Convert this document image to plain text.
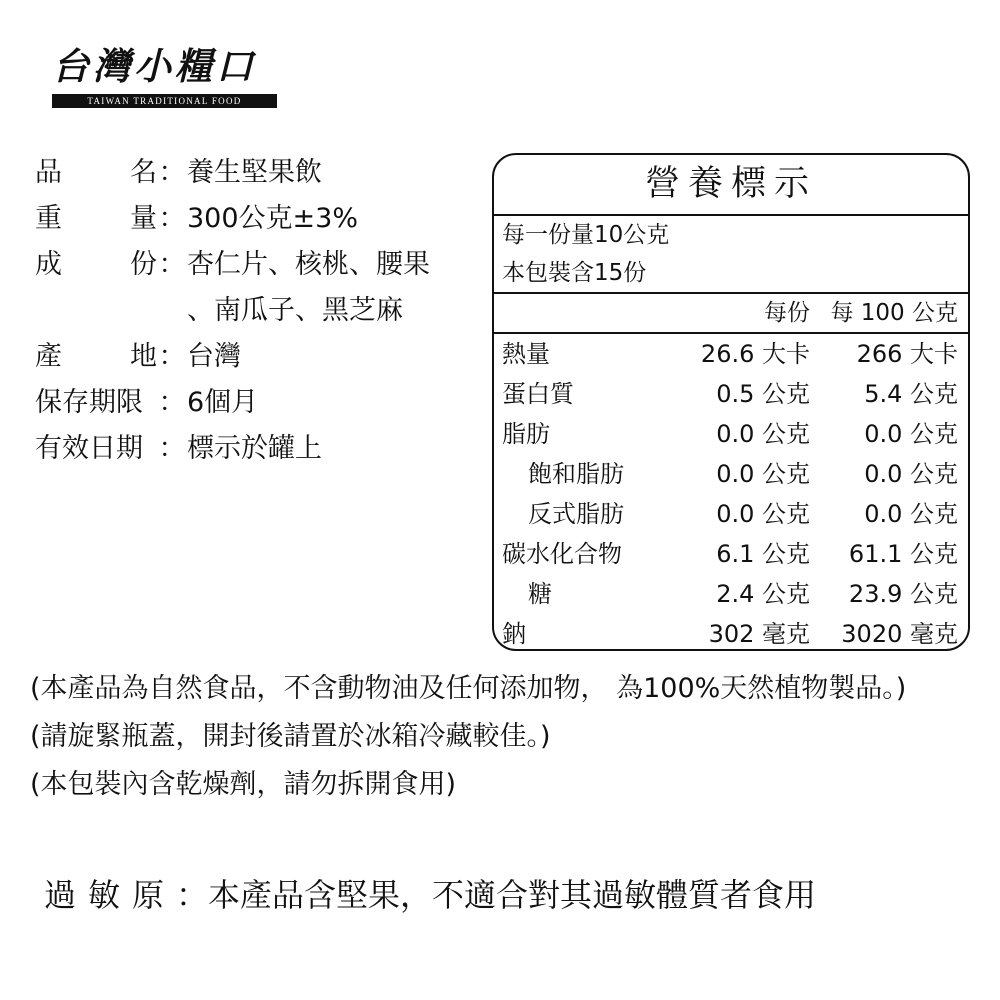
台灣小糧口
TAIWAN TRADITIONAL FOOD
品	名 ： 養生堅果飲
重	量 ： 300公克±3%
成	份 ： 杏仁片、核桃、腰果
、南瓜子、黑芝麻
產	地 ： 台灣
保存期限 ： 6個月
有效日期 ： 標示於罐上
營養標示
每一份量10公克
本包裝含15份
每份 每 100 公克
熱量	26.6 大卡	266 大卡
蛋白質	0.5 公克	5.4 公克
脂肪	0.0 公克	0.0 公克
飽和脂肪	0.0 公克	0.0 公克
反式脂肪	0.0 公克	0.0 公克
碳水化合物	6.1 公克	61.1 公克
糖	2.4 公克	23.9 公克
鈉	302 毫克	3020 毫克
(本產品為自然食品，不含動物油及任何添加物， 為100%天然植物製品。)
(請旋緊瓶蓋，開封後請置於冰箱冷藏較佳。)
(本包裝內含乾燥劑，請勿拆開食用)
過敏原 ： 本產品含堅果，不適合對其過敏體質者食用
